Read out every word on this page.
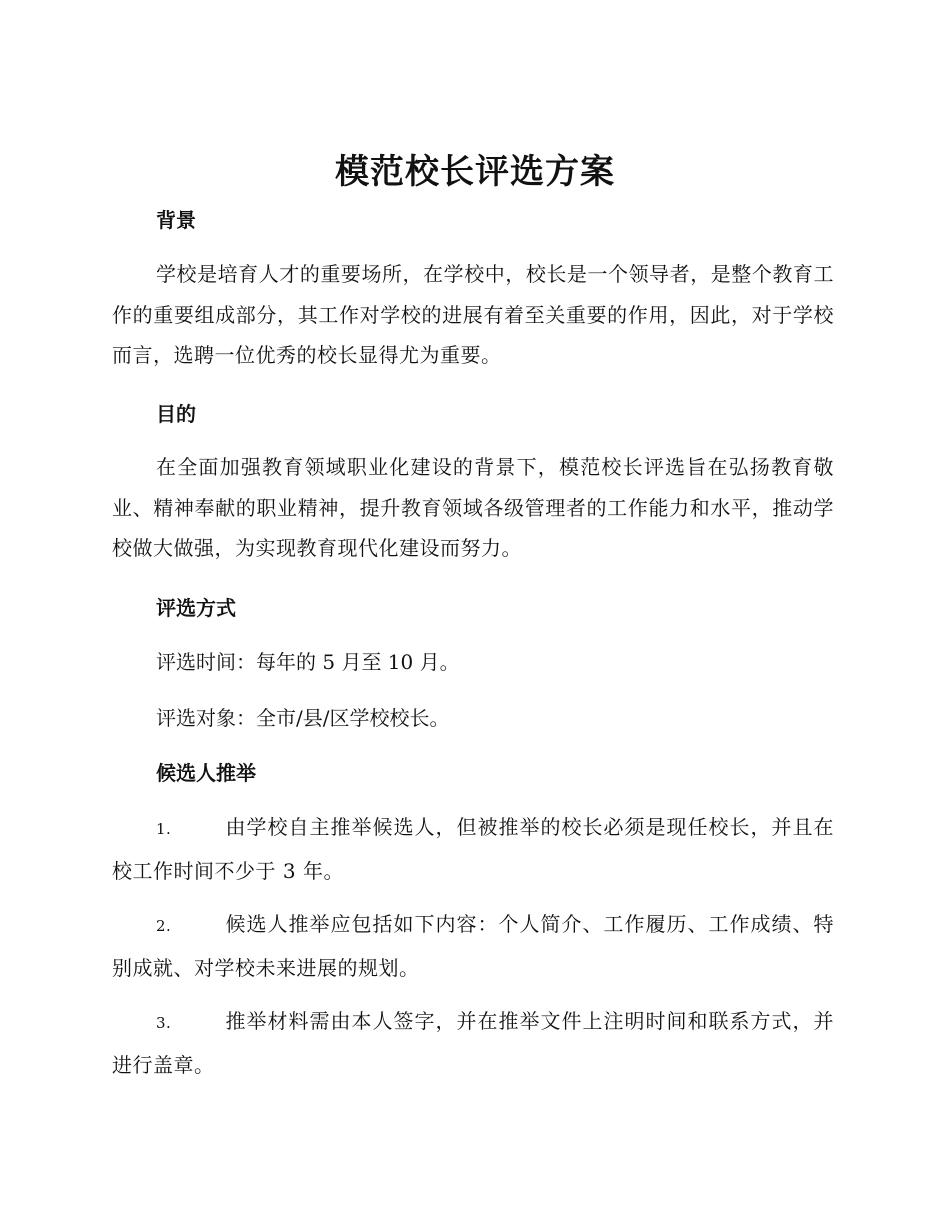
模范校长评选方案
背景
学校是培育人才的重要场所，在学校中，校长是一个领导者，是整个教育工作的重要组成部分，其工作对学校的进展有着至关重要的作用，因此，对于学校而言，选聘一位优秀的校长显得尤为重要。
目的
在全面加强教育领域职业化建设的背景下，模范校长评选旨在弘扬教育敬业、精神奉献的职业精神，提升教育领域各级管理者的工作能力和水平，推动学校做大做强，为实现教育现代化建设而努力。
评选方式
评选时间：每年的 5 月至 10 月。
评选对象：全市/县/区学校校长。
候选人推举
1.	由学校自主推举候选人，但被推举的校长必须是现任校长，并且在校工作时间不少于 3 年。
2.	候选人推举应包括如下内容：个人简介、工作履历、工作成绩、特别成就、对学校未来进展的规划。
3.	推举材料需由本人签字，并在推举文件上注明时间和联系方式，并进行盖章。
